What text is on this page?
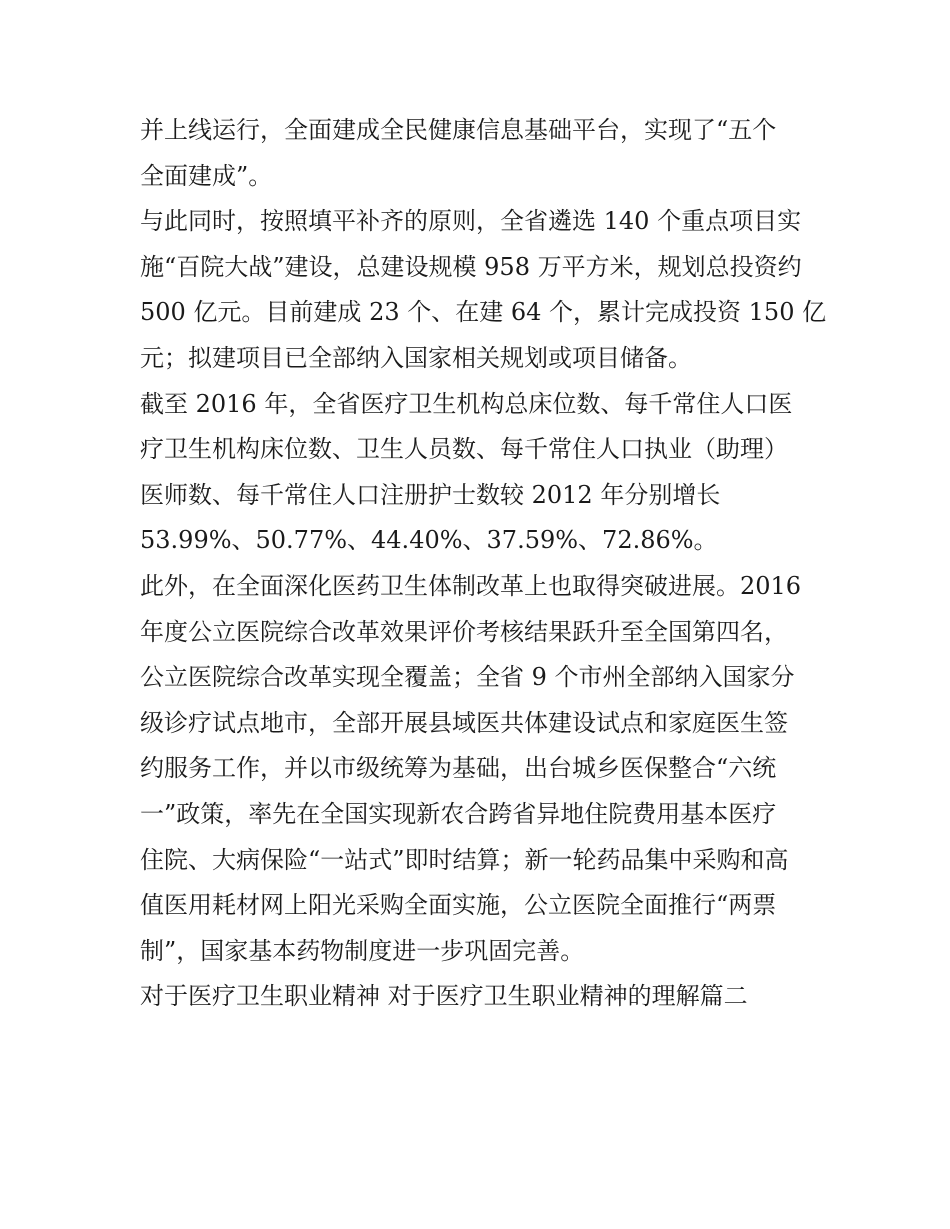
并上线运行，全面建成全民健康信息基础平台，实现了“五个
全面建成”。
与此同时，按照填平补齐的原则，全省遴选 140 个重点项目实
施“百院大战”建设，总建设规模 958 万平方米，规划总投资约
500 亿元。目前建成 23 个、在建 64 个，累计完成投资 150 亿
元；拟建项目已全部纳入国家相关规划或项目储备。
截至 2016 年，全省医疗卫生机构总床位数、每千常住人口医
疗卫生机构床位数、卫生人员数、每千常住人口执业（助理）
医师数、每千常住人口注册护士数较 2012 年分别增长
53.99%、50.77%、44.40%、37.59%、72.86%。
此外，在全面深化医药卫生体制改革上也取得突破进展。2016
年度公立医院综合改革效果评价考核结果跃升至全国第四名，
公立医院综合改革实现全覆盖；全省 9 个市州全部纳入国家分
级诊疗试点地市，全部开展县域医共体建设试点和家庭医生签
约服务工作，并以市级统筹为基础，出台城乡医保整合“六统
一”政策，率先在全国实现新农合跨省异地住院费用基本医疗
住院、大病保险“一站式”即时结算；新一轮药品集中采购和高
值医用耗材网上阳光采购全面实施，公立医院全面推行“两票
制”，国家基本药物制度进一步巩固完善。
对于医疗卫生职业精神 对于医疗卫生职业精神的理解篇二
